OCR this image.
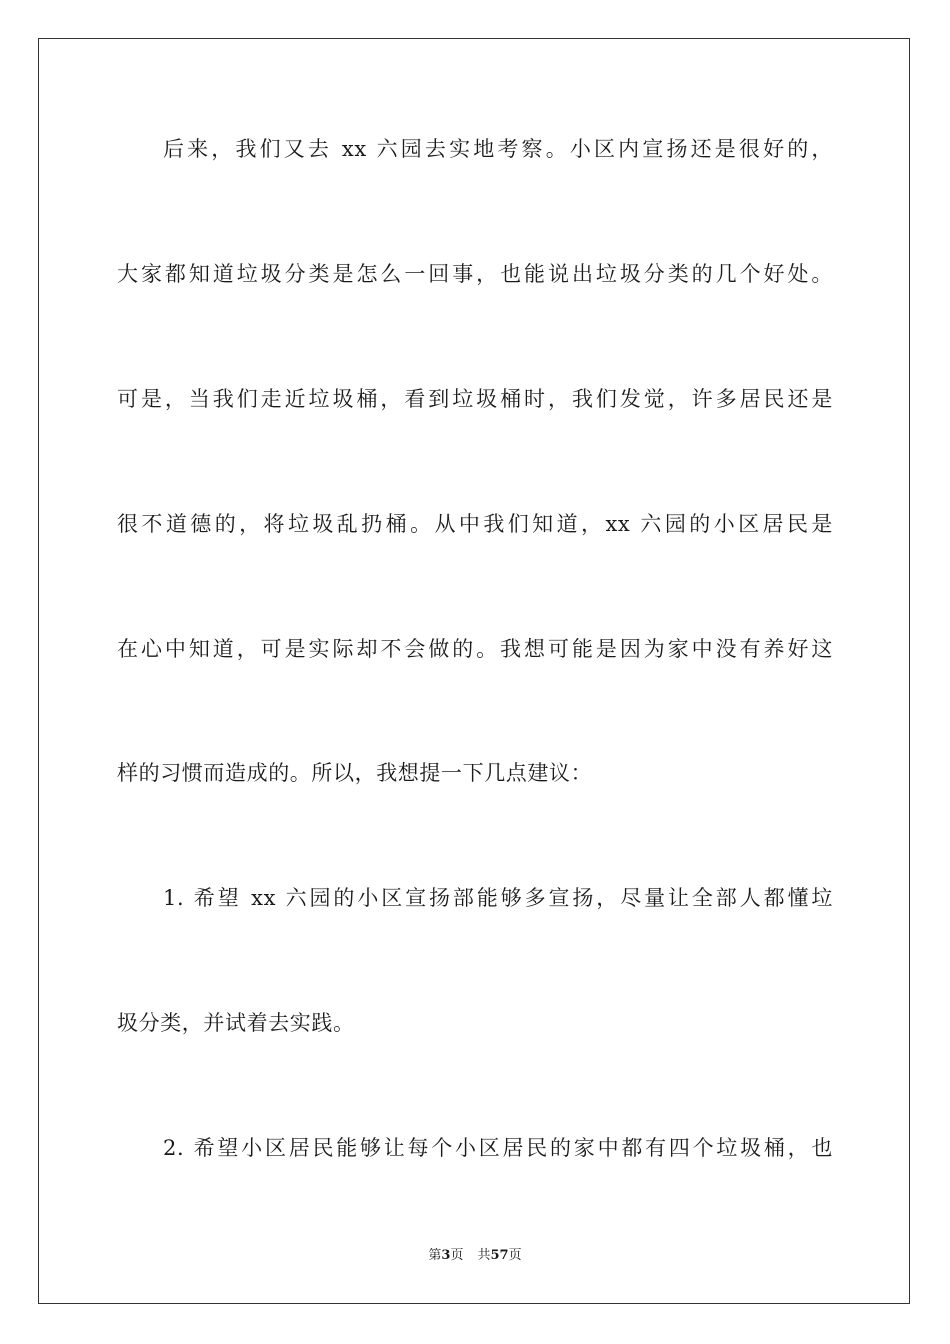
后来，我们又去 xx 六园去实地考察。小区内宣扬还是很好的，
大家都知道垃圾分类是怎么一回事，也能说出垃圾分类的几个好处。
可是，当我们走近垃圾桶，看到垃圾桶时，我们发觉，许多居民还是
很不道德的，将垃圾乱扔桶。从中我们知道，xx 六园的小区居民是
在心中知道，可是实际却不会做的。我想可能是因为家中没有养好这
样的习惯而造成的。所以，我想提一下几点建议：
1. 希望 xx 六园的小区宣扬部能够多宣扬，尽量让全部人都懂垃
圾分类，并试着去实践。
2. 希望小区居民能够让每个小区居民的家中都有四个垃圾桶，也
第3页 共57页
